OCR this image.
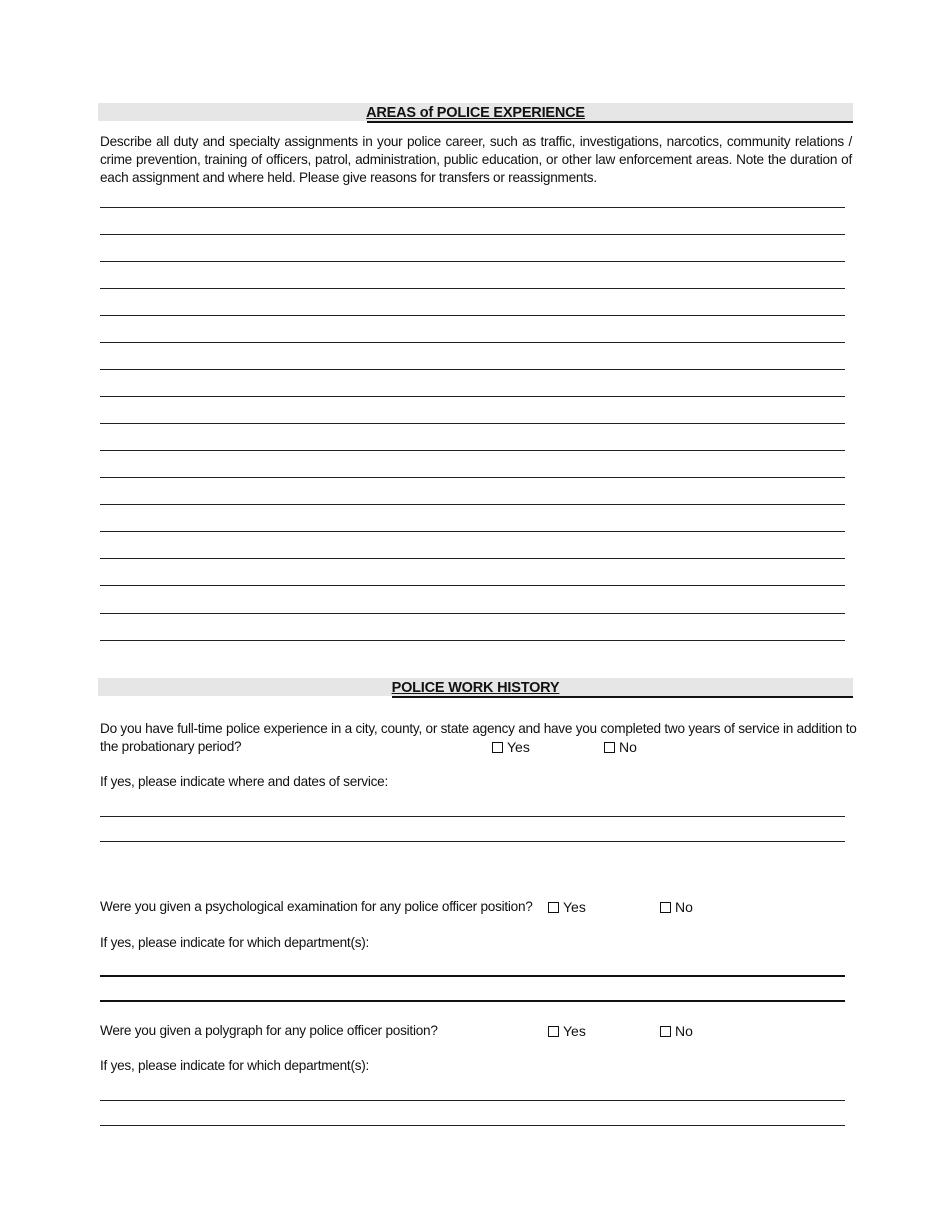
AREAS of POLICE EXPERIENCE
Describe all duty and specialty assignments in your police career, such as traffic, investigations, narcotics, community relations / crime prevention, training of officers, patrol, administration, public education, or other law enforcement areas. Note the duration of each assignment and where held. Please give reasons for transfers or reassignments.
POLICE WORK HISTORY
Do you have full-time police experience in a city, county, or state agency and have you completed two years of service in addition to
the probationary period?	Yes	No
If yes, please indicate where and dates of service:
Were you given a psychological examination for any police officer position?	Yes	No
If yes, please indicate for which department(s):
Were you given a polygraph for any police officer position?	Yes	No
If yes, please indicate for which department(s):
